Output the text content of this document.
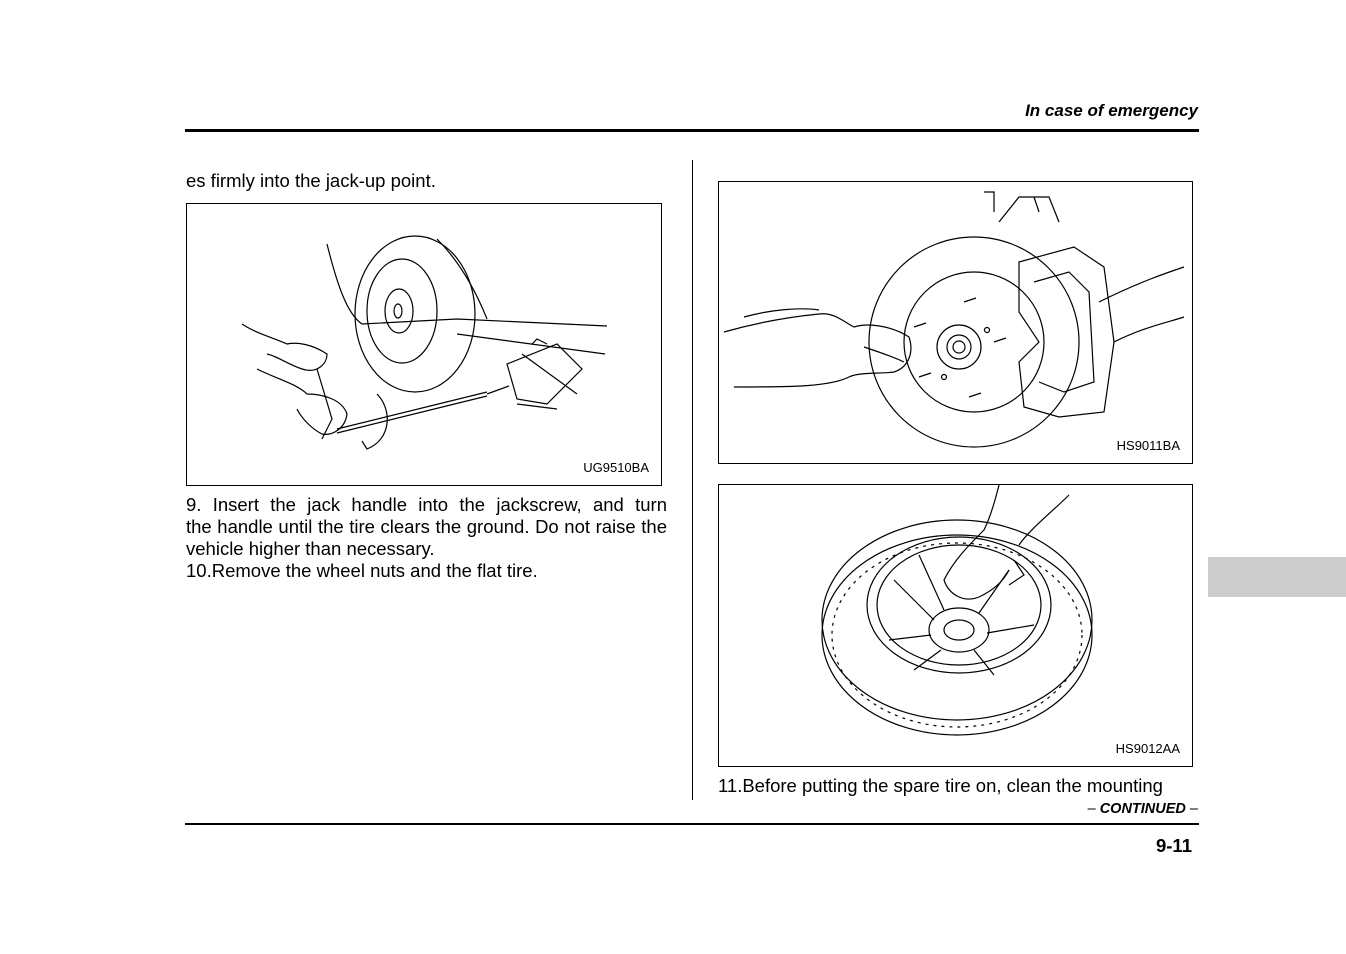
In case of emergency
es firmly into the jack-up point.
UG9510BA

9. Insert the jack handle into the jackscrew, and turn

the handle until the tire clears the ground. Do not raise the vehicle higher than necessary.

10.Remove the wheel nuts and the flat tire.

HS9011BA
HS9012AA
11.Before putting the spare tire on, clean the mounting
– CONTINUED –
9-11
